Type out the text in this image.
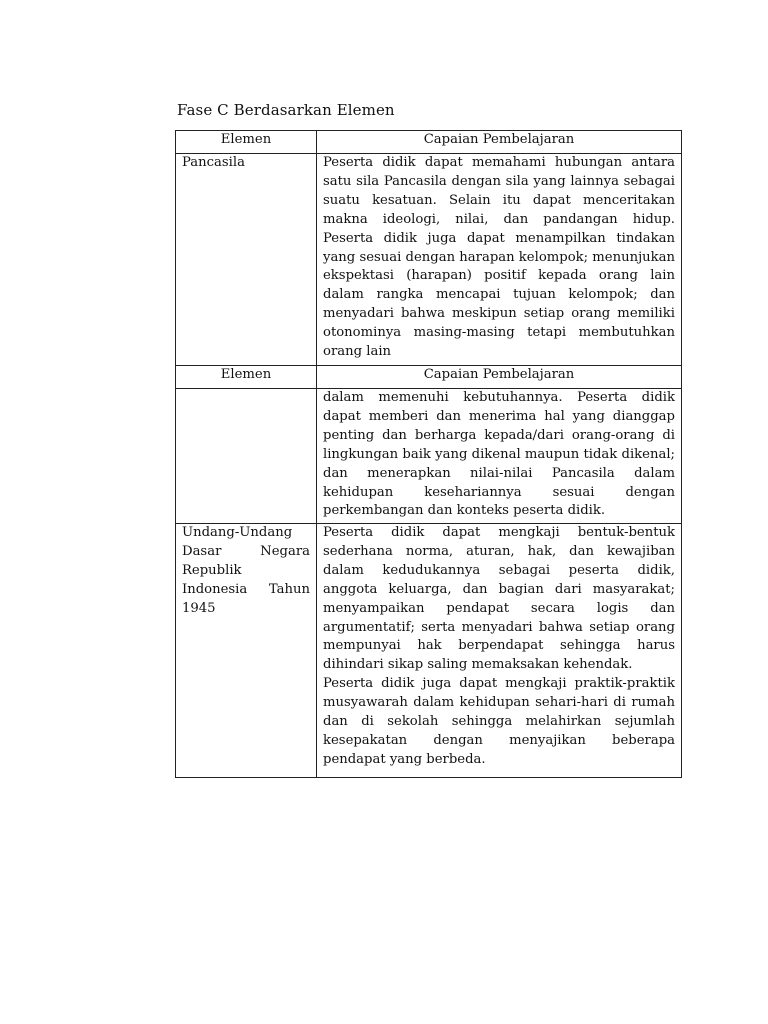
Fase C Berdasarkan Elemen
Elemen	Capaian Pembelajaran
Pancasila	Peserta didik dapat memahami hubungan antara satu sila Pancasila dengan sila yang lainnya sebagai suatu kesatuan. Selain itu dapat menceritakan makna ideologi, nilai, dan pandangan hidup. Peserta didik juga dapat menampilkan tindakan yang sesuai dengan harapan kelompok; menunjukan ekspektasi (harapan) positif kepada orang lain dalam rangka mencapai tujuan kelompok; dan menyadari bahwa meskipun setiap orang memiliki otonominya masing-masing tetapi membutuhkan orang lain

Elemen	Capaian Pembelajaran

	dalam memenuhi kebutuhannya. Peserta didik dapat memberi dan menerima hal yang dianggap penting dan berharga kepada/dari orang-orang di lingkungan baik yang dikenal maupun tidak dikenal; dan menerapkan nilai-nilai Pancasila dalam kehidupan kesehariannya sesuai dengan perkembangan dan konteks peserta didik.

Undang-Undang Dasar Negara Republik Indonesia Tahun 1945	Peserta didik dapat mengkaji bentuk-bentuk sederhana norma, aturan, hak, dan kewajiban dalam kedudukannya sebagai peserta didik, anggota keluarga, dan bagian dari masyarakat; menyampaikan pendapat secara logis dan argumentatif; serta menyadari bahwa setiap orang mempunyai hak berpendapat sehingga harus dihindari sikap saling memaksakan kehendak.

Peserta didik juga dapat mengkaji praktik-praktik musyawarah dalam kehidupan sehari-hari di rumah dan di sekolah sehingga melahirkan sejumlah kesepakatan dengan menyajikan beberapa pendapat yang berbeda.
